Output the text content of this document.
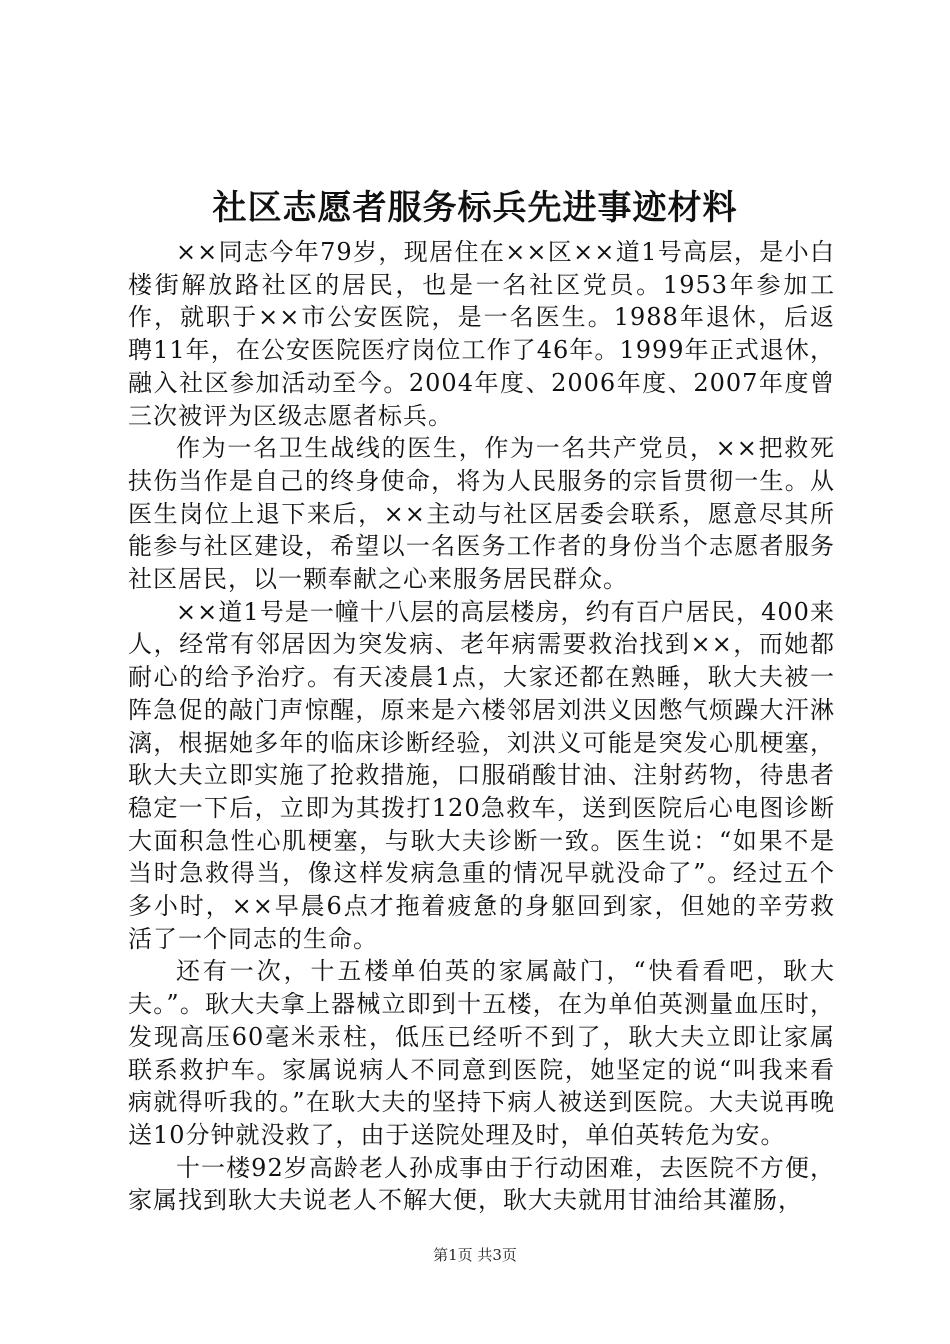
社区志愿者服务标兵先进事迹材料

××同志今年79岁，现居住在××区××道1号高层，是小白楼街解放路社区的居民，也是一名社区党员。1953年参加工作，就职于××市公安医院，是一名医生。1988年退休，后返聘11年，在公安医院医疗岗位工作了46年。1999年正式退休，融入社区参加活动至今。2004年度、2006年度、2007年度曾三次被评为区级志愿者标兵。

作为一名卫生战线的医生，作为一名共产党员，××把救死扶伤当作是自己的终身使命，将为人民服务的宗旨贯彻一生。从医生岗位上退下来后，××主动与社区居委会联系，愿意尽其所能参与社区建设，希望以一名医务工作者的身份当个志愿者服务社区居民，以一颗奉献之心来服务居民群众。

××道1号是一幢十八层的高层楼房，约有百户居民，400来人，经常有邻居因为突发病、老年病需要救治找到××，而她都耐心的给予治疗。有天凌晨1点，大家还都在熟睡，耿大夫被一阵急促的敲门声惊醒，原来是六楼邻居刘洪义因憋气烦躁大汗淋漓，根据她多年的临床诊断经验，刘洪义可能是突发心肌梗塞，耿大夫立即实施了抢救措施，口服硝酸甘油、注射药物，待患者稳定一下后，立即为其拨打120急救车，送到医院后心电图诊断大面积急性心肌梗塞，与耿大夫诊断一致。医生说：“如果不是当时急救得当，像这样发病急重的情况早就没命了”。经过五个多小时，××早晨6点才拖着疲惫的身躯回到家，但她的辛劳救活了一个同志的生命。

还有一次，十五楼单伯英的家属敲门，“快看看吧，耿大夫。”。耿大夫拿上器械立即到十五楼，在为单伯英测量血压时，发现高压60毫米汞柱，低压已经听不到了，耿大夫立即让家属联系救护车。家属说病人不同意到医院，她坚定的说“叫我来看病就得听我的。”在耿大夫的坚持下病人被送到医院。大夫说再晚送10分钟就没救了，由于送院处理及时，单伯英转危为安。

十一楼92岁高龄老人孙成事由于行动困难，去医院不方便，家属找到耿大夫说老人不解大便，耿大夫就用甘油给其灌肠，

第1页 共3页
